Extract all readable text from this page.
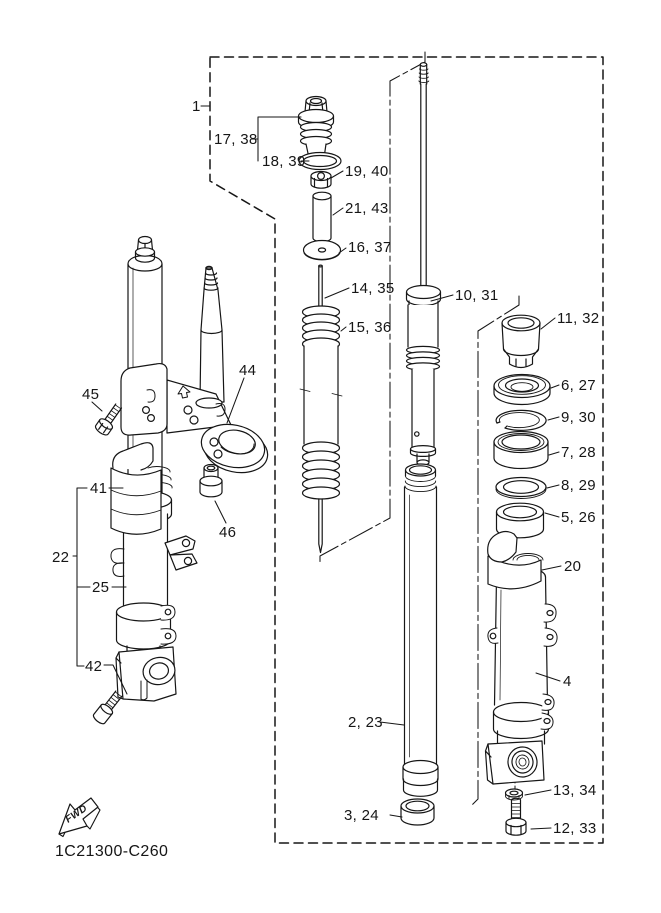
1
17, 38
18, 39
19, 40
21, 43
16, 37
14, 35
15, 36
10, 31
11, 32
6, 27
9, 30
7, 28
8, 29
5, 26
20
4
2, 23
3, 24
13, 34
12, 33
44
45
46
41
22
25
42
FWD
1C21300-C260
